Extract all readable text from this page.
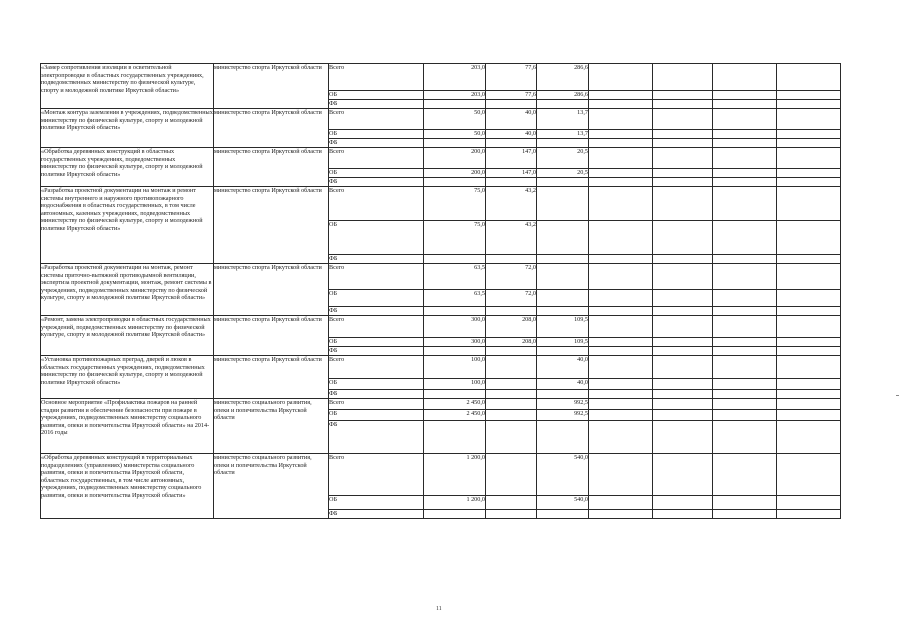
«Замер сопротивления изоляции в осветительной электропроводке в областных государственных учреждениях, подведомственных министерству по физической культуре, спорту и молодежной политике Иркутской области»	министерство спорта Иркутской области	Всего	203,0	77,6	286,6				
		ОБ	203,0	77,6	286,6				
		ФБ							
«Монтаж контура заземления в учреждениях, подведомственных министерству по физической культуре, спорту и молодежной политике Иркутской области»	министерство спорта Иркутской области	Всего	50,0	40,0	13,7				
		ОБ	50,0	40,0	13,7				
		ФБ							
«Обработка деревянных конструкций в областных государственных учреждениях, подведомственных министерству по физической культуре, спорту и молодежной политике Иркутской области»	министерство спорта Иркутской области	Всего	200,0	147,0	20,5				
		ОБ	200,0	147,0	20,5				
		ФБ							
«Разработка проектной документации на монтаж и ремонт системы внутреннего и наружного противопожарного водоснабжения в областных государственных, в том числе автономных, казенных учреждениях, подведомственных министерству по физической культуре, спорту и молодежной политике Иркутской области»	министерство спорта Иркутской области	Всего	75,0	43,2					
		ОБ	75,0	43,2					
		ФБ							
«Разработка проектной документации на монтаж, ремонт системы приточно-вытяжной противодымной вентиляции, экспертиза проектной документации, монтаж, ремонт системы в учреждениях, подведомственных министерству по физической культуре, спорту и молодежной политике Иркутской области»	министерство спорта Иркутской области	Всего	63,5	72,0					
		ОБ	63,5	72,0					
		ФБ							
«Ремонт, замена электропроводки в областных государственных учреждений, подведомственных министерству по физической культуре, спорту и молодежной политике Иркутской области»	министерство спорта Иркутской области	Всего	300,0	208,0	109,5				
		ОБ	300,0	208,0	109,5				
		ФБ							
«Установка противопожарных преград, дверей и люков в областных государственных учреждениях, подведомственных министерству по физической культуре, спорту и молодежной политике Иркутской области»	министерство спорта Иркутской области	Всего	100,0		40,0				
		ОБ	100,0		40,0				
		ФБ							
Основное мероприятие «Профилактика пожаров на ранней стадии развития и обеспечение безопасности при пожаре в учреждениях, подведомственных министерству социального развития, опеки и попечительства Иркутской области» на 2014-2016 годы	министерство социального развития, опеки и попечительства Иркутской области	Всего	2 450,0		992,5				
		ОБ	2 450,0		992,5				
		ФБ							
«Обработка деревянных конструкций в территориальных подразделениях (управлениях) министерства социального развития, опеки и попечительства Иркутской области, областных государственных, в том числе автономных, учреждениях, подведомственных министерству социального развития, опеки и попечительства Иркутской области»	министерство социального развития, опеки и попечительства Иркутской области	Всего	1 200,0		540,0				
		ОБ	1 200,0		540,0				
		ФБ							
11
